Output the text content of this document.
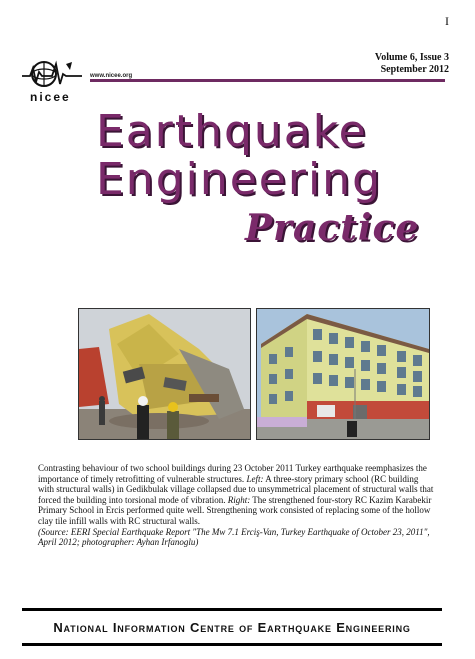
I
nicee
www.nicee.org
Volume 6, Issue 3
September 2012
Earthquake
Engineering
Practice

Contrasting behaviour of two school buildings during 23 October 2011 Turkey earthquake reemphasizes the importance of timely retrofitting of vulnerable structures. Left: A three-story primary school (RC building with structural walls) in Gedikbulak village collapsed due to unsymmetrical placement of structural walls that forced the building into torsional mode of vibration. Right: The strengthened four-story RC Kazim Karabekir Primary School in Ercis performed quite well. Strengthening work consisted of replacing some of the hollow clay tile infill walls with RC structural walls.

(Source: EERI Special Earthquake Report "The Mw 7.1 Erciş-Van, Turkey Earthquake of October 23, 2011", April 2012; photographer: Ayhan Irfanoglu)

National Information Centre of Earthquake Engineering
